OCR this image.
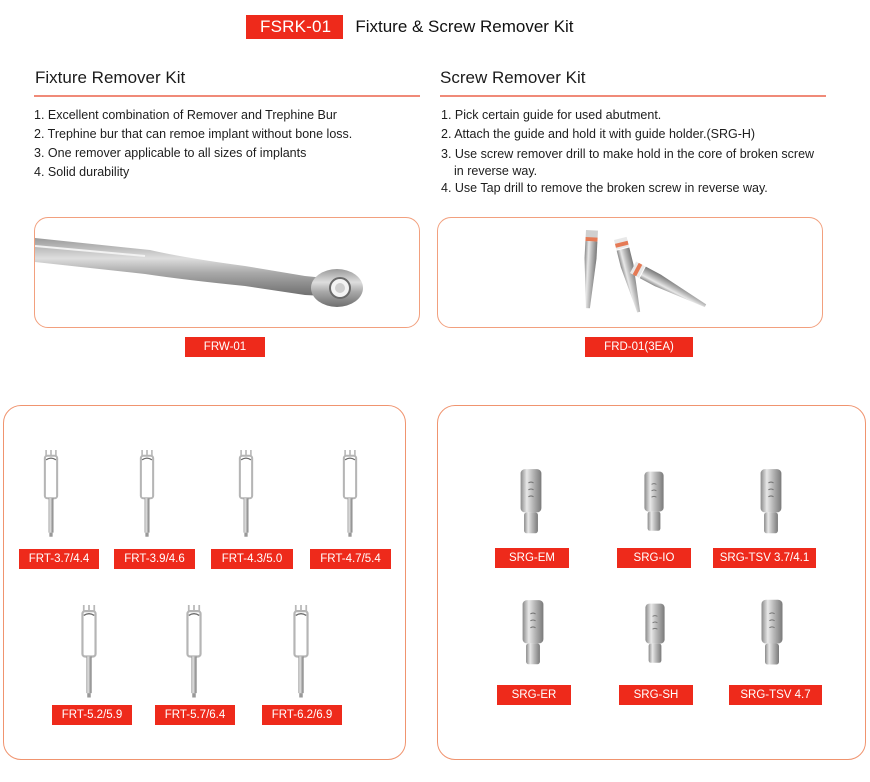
FSRK-01	Fixture & Screw Remover Kit
Fixture Remover Kit
1. Excellent combination of Remover and Trephine Bur
2. Trephine bur that can remoe implant without bone loss.
3. One remover applicable to all sizes of implants
4. Solid durability
Screw Remover Kit
1. Pick certain guide for used abutment.
2. Attach the guide and hold it with guide holder.(SRG-H)
3. Use screw remover drill to make hold in the core of broken screw
in reverse way.
4. Use Tap drill to remove the broken screw in reverse way.
FRW-01	FRD-01(3EA)
FRT-3.7/4.4	FRT-3.9/4.6	FRT-4.3/5.0	FRT-4.7/5.4
FRT-5.2/5.9	FRT-5.7/6.4	FRT-6.2/6.9
SRG-EM	SRG-IO	SRG-TSV 3.7/4.1
SRG-ER	SRG-SH	SRG-TSV 4.7
